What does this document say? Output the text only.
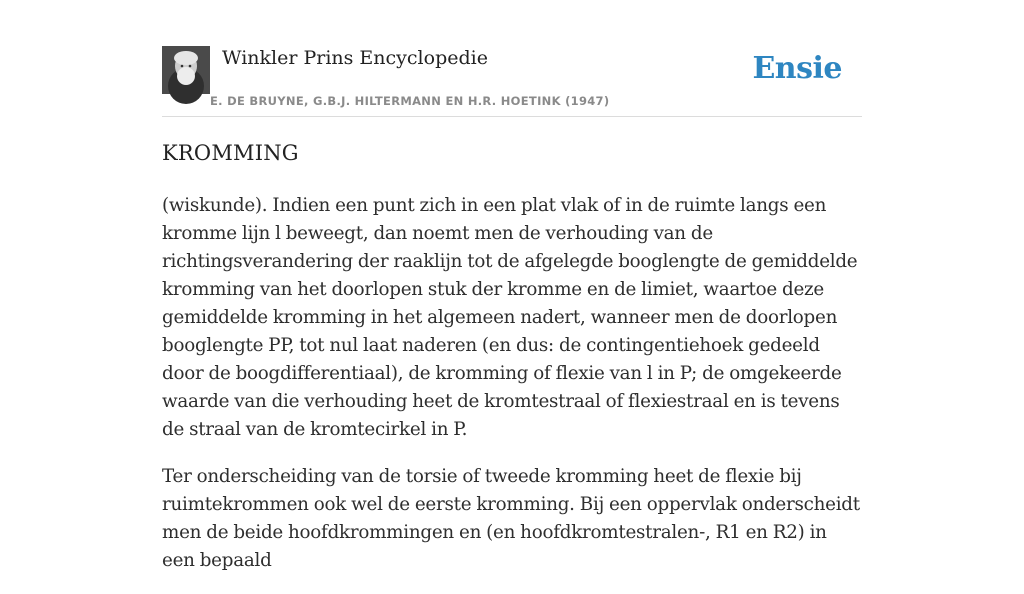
Winkler Prins Encyclopedie
E. DE BRUYNE, G.B.J. HILTERMANN EN H.R. HOETINK (1947)
Ensie
KROMMING

(wiskunde). Indien een punt zich in een plat vlak of in de ruimte langs een kromme lijn l beweegt, dan noemt men de verhouding van de richtingsverandering der raaklijn tot de afgelegde booglengte de gemiddelde kromming van het doorlopen stuk der kromme en de limiet, waartoe deze gemiddelde kromming in het algemeen nadert, wanneer men de doorlopen booglengte PP, tot nul laat naderen (en dus: de contingentiehoek gedeeld door de boogdifferentiaal), de kromming of flexie van l in P; de omgekeerde waarde van die verhouding heet de kromtestraal of flexiestraal en is tevens de straal van de kromtecirkel in P.

Ter onderscheiding van de torsie of tweede kromming heet de flexie bij ruimtekrommen ook wel de eerste kromming. Bij een oppervlak onderscheidt men de beide hoofdkrommingen en (en hoofdkromtestralen-, R1 en R2) in een bepaald
